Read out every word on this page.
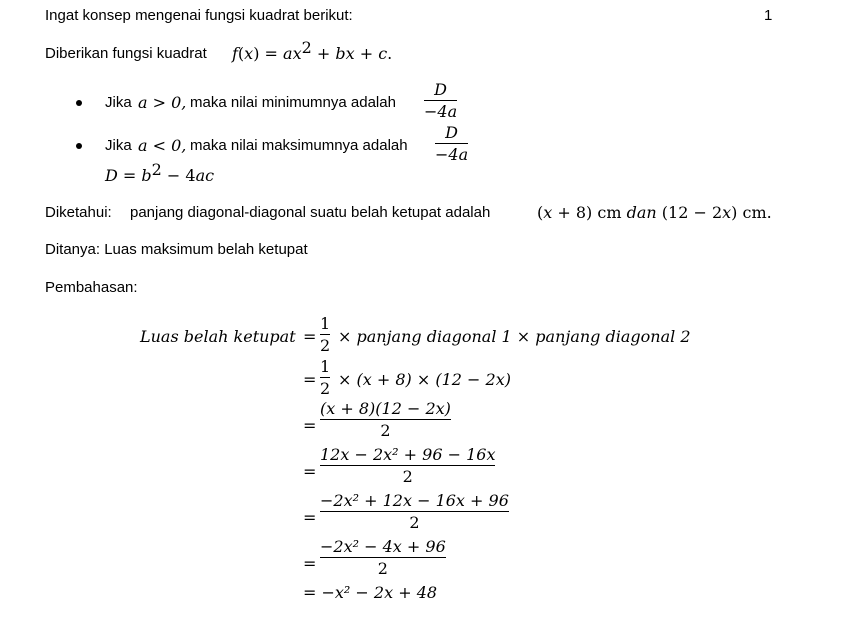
Ingat konsep mengenai fungsi kuadrat berikut:	1
Diberikan fungsi kuadrat $f(x) = ax^2$ + bx + c.
Jika a > 0, maka nilai minimumnya adalah
D
−4a
Jika a < 0, maka nilai maksimumnya adalah
D
−4a
$D = b^2 - 4ac$
Diketahui: panjang diagonal-diagonal suatu belah ketupat adalah	(x + 8) cm dan (12 − 2x) cm.
Ditanya: Luas maksimum belah ketupat
Pembahasan:
Luas belah ketupat =
1
2 × panjang diagonal 1 × panjang diagonal 2
=
1
2 × (x + 8) × (12 − 2x)
=
(x + 8)(12 − 2x)
2
=
12x − 2x² + 96 − 16x
2
=
−2x² + 12x − 16x + 96
2
=
−2x² − 4x + 96
2
= −x² − 2x + 48
